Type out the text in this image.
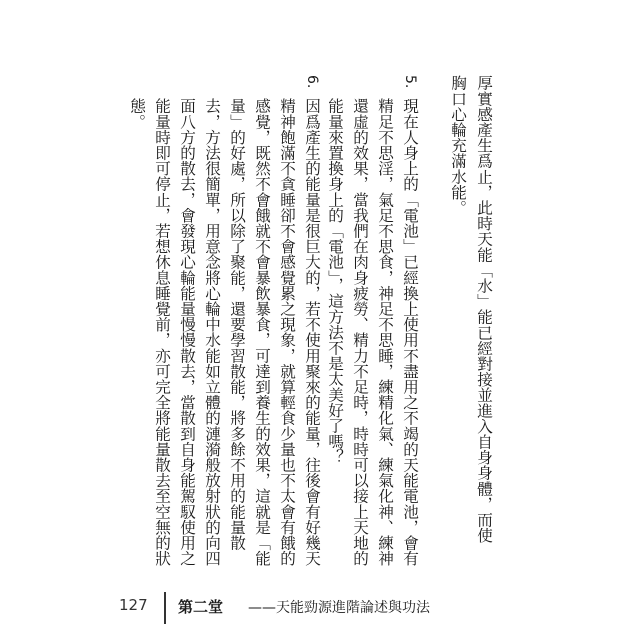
厚實感產生爲止，此時天能「水」能已經對接並進入自身身體，而使
胸口心輪充滿水能。
5.
現在人身上的「電池」已經換上使用不盡用之不竭的天能電池，會有
精足不思淫，氣足不思食，神足不思睡，練精化氣、練氣化神、練神
還虛的效果，當我們在肉身疲勞、精力不足時，時時可以接上天地的
能量來置換身上的「電池」，這方法不是太美好了嗎？
6.
因爲產生的能量是很巨大的，若不使用聚來的能量，往後會有好幾天
精神飽滿不貪睡卻不會感覺累之現象，就算輕食少量也不太會有餓的
感覺，既然不會餓就不會暴飲暴食，可達到養生的效果，這就是「能
量」的好處，所以除了聚能，還要學習散能，將多餘不用的能量散
去，方法很簡單，用意念將心輪中水能如立體的漣漪般放射狀的向四
面八方的散去，會發現心輪能量慢慢散去，當散到自身能駕馭使用之
能量時即可停止，若想休息睡覺前，亦可完全將能量散去至空無的狀
態。
127 第二堂 ——天能勁源進階論述與功法
